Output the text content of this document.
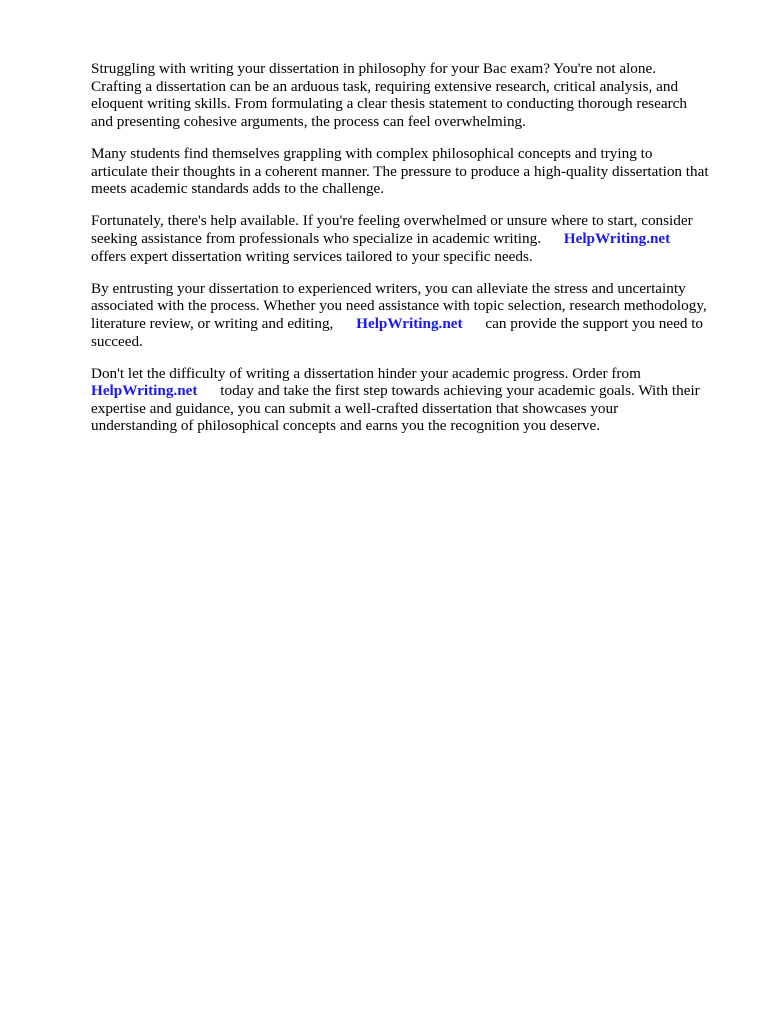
Struggling with writing your dissertation in philosophy for your Bac exam? You're not alone.
Crafting a dissertation can be an arduous task, requiring extensive research, critical analysis, and
eloquent writing skills. From formulating a clear thesis statement to conducting thorough research
and presenting cohesive arguments, the process can feel overwhelming.

Many students find themselves grappling with complex philosophical concepts and trying to
articulate their thoughts in a coherent manner. The pressure to produce a high-quality dissertation that
meets academic standards adds to the challenge.

Fortunately, there's help available. If you're feeling overwhelmed or unsure where to start, consider
seeking assistance from professionals who specialize in academic writing.      HelpWriting.net
offers expert dissertation writing services tailored to your specific needs.

By entrusting your dissertation to experienced writers, you can alleviate the stress and uncertainty
associated with the process. Whether you need assistance with topic selection, research methodology,
literature review, or writing and editing,      HelpWriting.net      can provide the support you need to
succeed.

Don't let the difficulty of writing a dissertation hinder your academic progress. Order from
HelpWriting.net      today and take the first step towards achieving your academic goals. With their
expertise and guidance, you can submit a well-crafted dissertation that showcases your
understanding of philosophical concepts and earns you the recognition you deserve.
